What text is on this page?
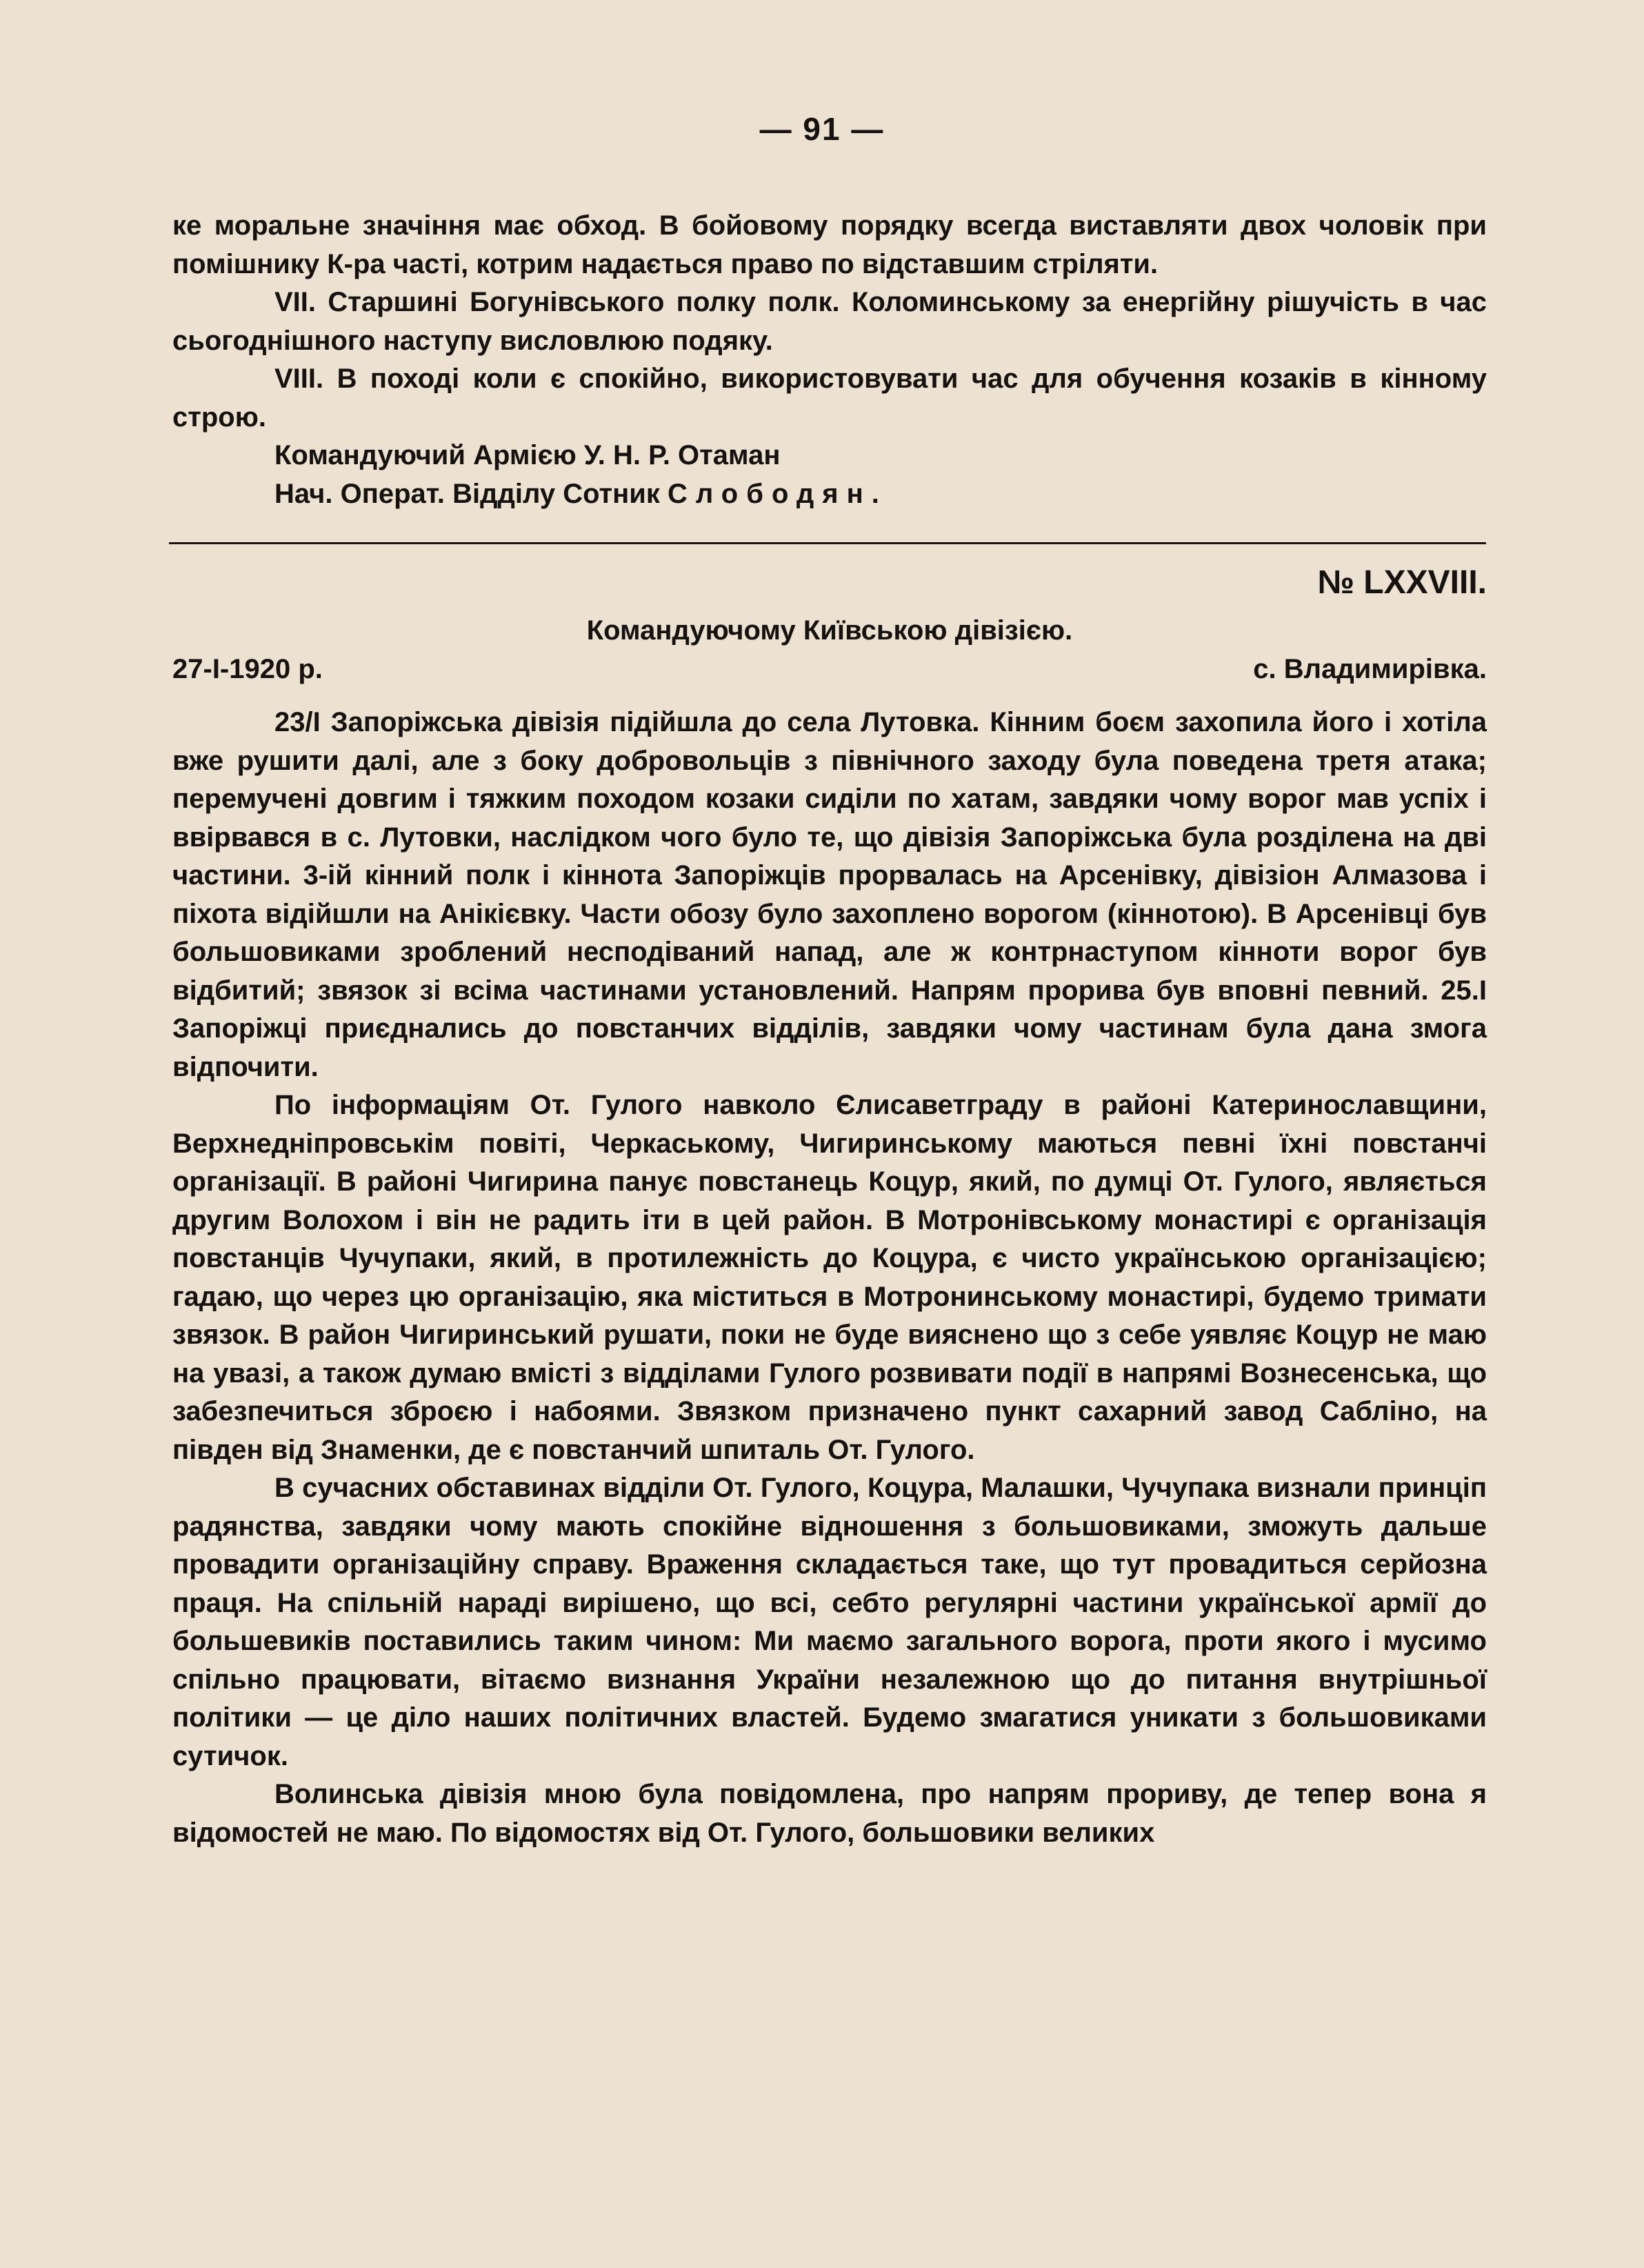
— 91 —

ке моральне значіння має обход. В бойовому порядку всегда виставляти двох чоловік при помішнику К-ра часті, котрим надається право по відставшим стріляти.

VII. Старшині Богунівського полку полк. Коломинському за енергійну рішучість в час сьогоднішного наступу висловлюю подяку.

VIII. В поході коли є спокійно, використовувати час для обучення козаків в кінному строю.

Командуючий Армією У. Н. Р. Отаман

Нач. Операт. Відділу Сотник Слободян.

№ LXXVIII.

Командуючому Київською дівізією.

27-I-1920 р.	с. Владимирівка.

23/I Запоріжська дівізія підійшла до села Лутовка. Кінним боєм захопила його і хотіла вже рушити далі, але з боку добровольців з північного заходу була поведена третя атака; перемучені довгим і тяжким походом козаки сиділи по хатам, завдяки чому ворог мав успіх і ввірвався в с. Лутовки, наслідком чого було те, що дівізія Запоріжська була розділена на дві частини. 3-ій кінний полк і кіннота Запоріжців прорвалась на Арсенівку, дівізіон Алмазова і піхота відійшли на Анікієвку. Части обозу було захоплено ворогом (кіннотою). В Арсенівці був большовиками зроблений несподіваний напад, але ж контрнаступом кінноти ворог був відбитий; звязок зі всіма частинами установлений. Напрям прорива був вповні певний. 25.I Запоріжці приєднались до повстанчих відділів, завдяки чому частинам була дана змога відпочити.

По інформаціям От. Гулого навколо Єлисаветграду в районі Катеринославщини, Верхнедніпровськім повіті, Черкаському, Чигиринському маються певні їхні повстанчі організації. В районі Чигирина панує повстанець Коцур, який, по думці От. Гулого, являється другим Волохом і він не радить іти в цей район. В Мотронівському монастирі є організація повстанців Чучупаки, який, в протилежність до Коцура, є чисто українською організацією; гадаю, що через цю організацію, яка міститься в Мотронинському монастирі, будемо тримати звязок. В район Чигиринський рушати, поки не буде вияснено що з себе уявляє Коцур не маю на увазі, а також думаю вмісті з відділами Гулого розвивати події в напрямі Вознесенська, що забезпечиться зброєю і набоями. Звязком призначено пункт сахарний завод Сабліно, на півден від Знаменки, де є повстанчий шпиталь От. Гулого.

В сучасних обставинах відділи От. Гулого, Коцура, Малашки, Чучупака визнали принціп радянства, завдяки чому мають спокійне відношення з большовиками, зможуть дальше провадити організаційну справу. Враження складається таке, що тут провадиться серйозна праця. На спільній нараді вирішено, що всі, себто регулярні частини української армії до большевиків поставились таким чином: Ми маємо загального ворога, проти якого і мусимо спільно працювати, вітаємо визнання України незалежною що до питання внутрішньої політики — це діло наших політичних властей. Будемо змагатися уникати з большовиками сутичок.

Волинська дівізія мною була повідомлена, про напрям прориву, де тепер вона я відомостей не маю. По відомостях від От. Гулого, большовики великих
